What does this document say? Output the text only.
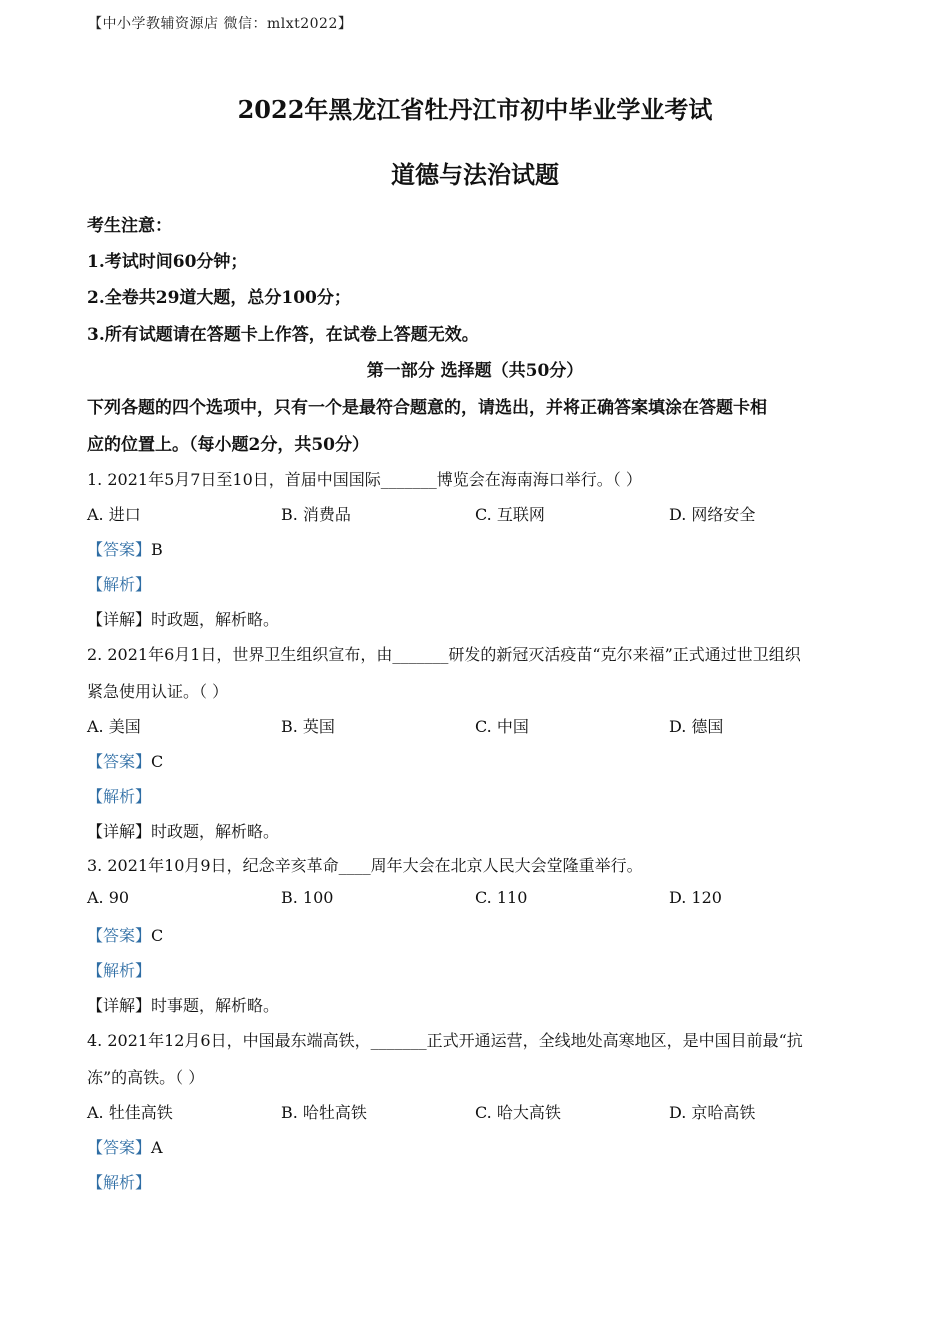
【中小学教辅资源店 微信：mlxt2022】
2022年黑龙江省牡丹江市初中毕业学业考试
道德与法治试题
考生注意：
1.考试时间60分钟；
2.全卷共29道大题，总分100分；
3.所有试题请在答题卡上作答，在试卷上答题无效。
第一部分 选择题（共50分）
下列各题的四个选项中，只有一个是最符合题意的，请选出，并将正确答案填涂在答题卡相
应的位置上。（每小题2分，共50分）
1. 2021年5月7日至10日，首届中国国际_______博览会在海南海口举行。（ ）
A. 进口	B. 消费品	C. 互联网	D. 网络安全
【答案】B
【解析】
【详解】时政题，解析略。
2. 2021年6月1日，世界卫生组织宣布，由_______研发的新冠灭活疫苗“克尔来福”正式通过世卫组织
紧急使用认证。（ ）
A. 美国	B. 英国	C. 中国	D. 德国
【答案】C
【解析】
【详解】时政题，解析略。
3. 2021年10月9日，纪念辛亥革命____周年大会在北京人民大会堂隆重举行。
A. 90	B. 100	C. 110	D. 120
【答案】C
【解析】
【详解】时事题，解析略。
4. 2021年12月6日，中国最东端高铁，_______正式开通运营，全线地处高寒地区，是中国目前最“抗
冻”的高铁。（ ）
A. 牡佳高铁	B. 哈牡高铁	C. 哈大高铁	D. 京哈高铁
【答案】A
【解析】
